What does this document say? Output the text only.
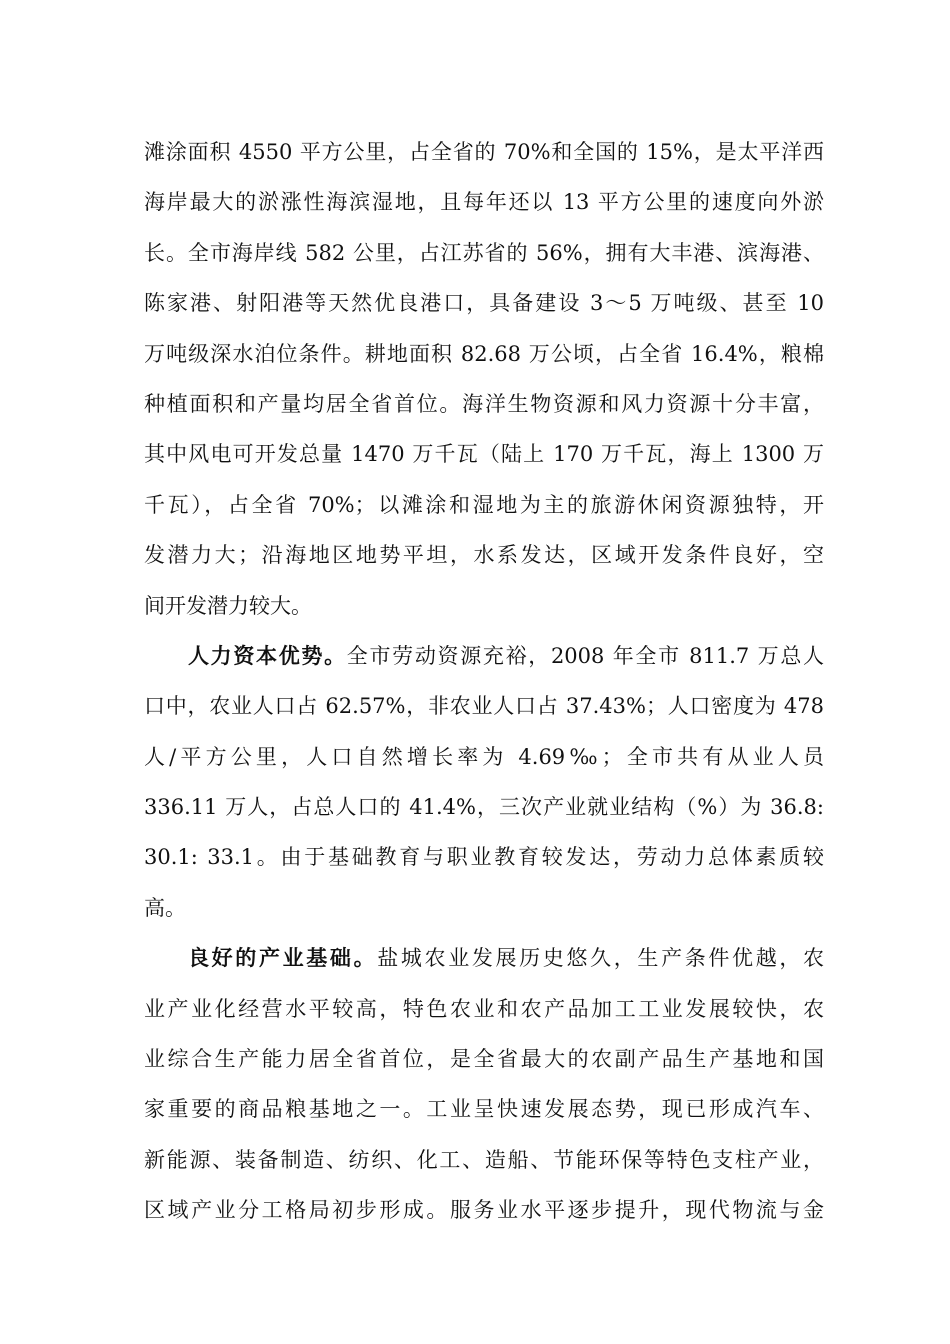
滩涂面积 4550 平方公里，占全省的 70%和全国的 15%，是太平洋西
海岸最大的淤涨性海滨湿地，且每年还以 13 平方公里的速度向外淤
长。全市海岸线 582 公里，占江苏省的 56%，拥有大丰港、滨海港、
陈家港、射阳港等天然优良港口，具备建设 3～5 万吨级、甚至 10
万吨级深水泊位条件。耕地面积 82.68 万公顷，占全省 16.4%，粮棉
种植面积和产量均居全省首位。海洋生物资源和风力资源十分丰富，
其中风电可开发总量 1470 万千瓦（陆上 170 万千瓦，海上 1300 万
千瓦），占全省 70%；以滩涂和湿地为主的旅游休闲资源独特，开
发潜力大；沿海地区地势平坦，水系发达，区域开发条件良好，空
间开发潜力较大。
人力资本优势。全市劳动资源充裕，2008 年全市 811.7 万总人
口中，农业人口占 62.57%，非农业人口占 37.43%；人口密度为 478
人/平方公里，人口自然增长率为 4.69‰；全市共有从业人员
336.11 万人，占总人口的 41.4%，三次产业就业结构（%）为 36.8:
30.1: 33.1。由于基础教育与职业教育较发达，劳动力总体素质较
高。
良好的产业基础。盐城农业发展历史悠久，生产条件优越，农
业产业化经营水平较高，特色农业和农产品加工工业发展较快，农
业综合生产能力居全省首位，是全省最大的农副产品生产基地和国
家重要的商品粮基地之一。工业呈快速发展态势，现已形成汽车、
新能源、装备制造、纺织、化工、造船、节能环保等特色支柱产业，
区域产业分工格局初步形成。服务业水平逐步提升，现代物流与金
